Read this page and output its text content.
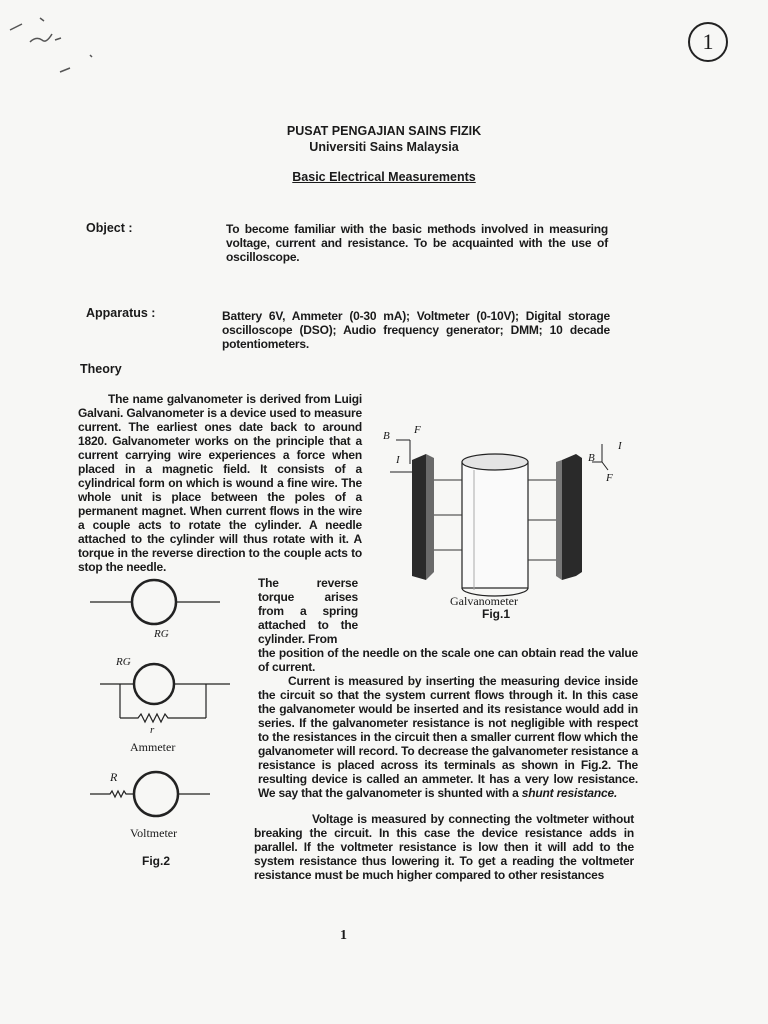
1
PUSAT PENGAJIAN SAINS FIZIK
Universiti Sains Malaysia
Basic Electrical Measurements
Object :	To become familiar with the basic methods involved in measuring voltage, current and resistance. To be acquainted with the use of oscilloscope.
Apparatus :	Battery 6V, Ammeter (0-30 mA); Voltmeter (0-10V); Digital storage oscilloscope (DSO); Audio frequency generator; DMM; 10 decade potentiometers.
Theory
The name galvanometer is derived from Luigi Galvani. Galvanometer is a device used to measure current. The earliest ones date back to around 1820. Galvanometer works on the principle that a current carrying wire experiences a force when placed in a magnetic field. It consists of a cylindrical form on which is wound a fine wire. The whole unit is place between the poles of a permanent magnet. When current flows in the wire a couple acts to rotate the cylinder. A needle attached to the cylinder will thus rotate with it. A torque in the reverse direction to the couple acts to stop the needle.
The reverse torque arises from a spring attached to the cylinder. From
the position of the needle on the scale one can obtain read the value of current.
Current is measured by inserting the measuring device inside the circuit so that the system current flows through it. In this case the galvanometer would be inserted and its resistance would add in series. If the galvanometer resistance is not negligible with respect to the resistances in the circuit then a smaller current flow which the galvanometer will record. To decrease the galvanometer resistance a resistance is placed across its terminals as shown in Fig.2. The resulting device is called an ammeter. It has a very low resistance. We say that the galvanometer is shunted with a shunt resistance.
Voltage is measured by connecting the voltmeter without breaking the circuit. In this case the device resistance adds in parallel. If the voltmeter resistance is low then it will add to the system resistance thus lowering it. To get a reading the voltmeter resistance must be much higher compared to other resistances
B F
I	B
I
F
Galvanometer
Fig.1
RG
RG
r
Ammeter
R
Voltmeter
Fig.2
1
